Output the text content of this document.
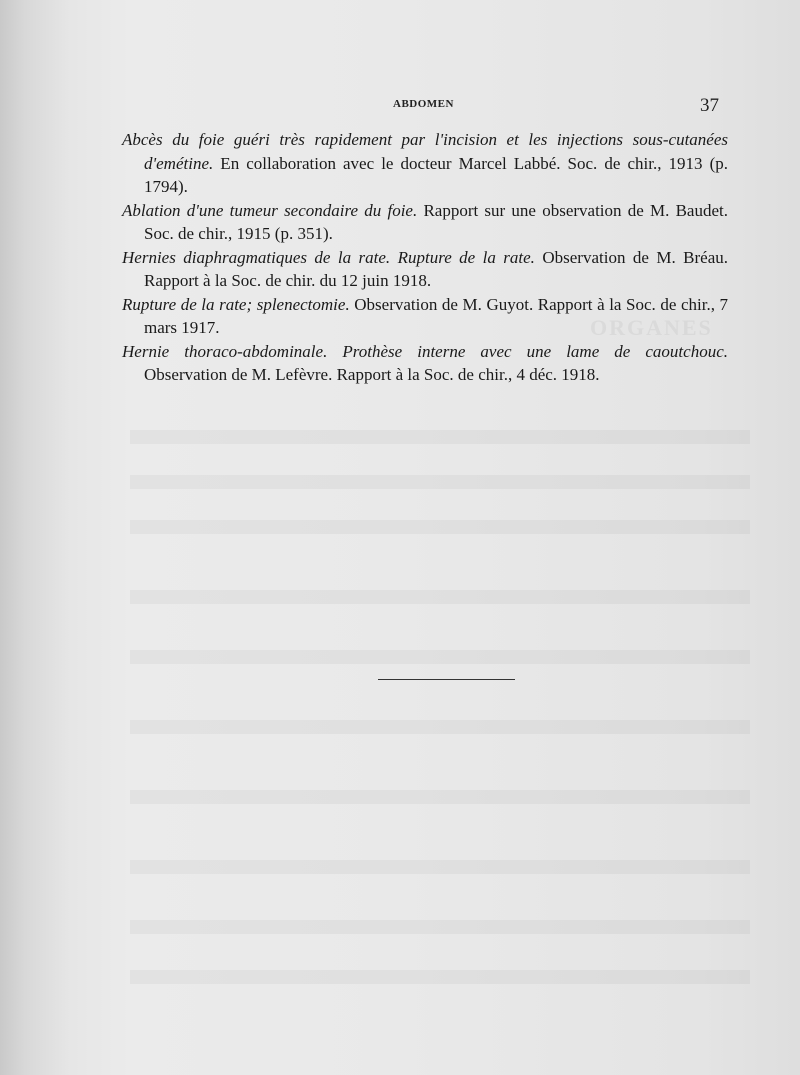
ORGANES
ABDOMEN	37

Abcès du foie guéri très rapidement par l'incision et les injections sous-cutanées d'emétine. En collaboration avec le docteur Marcel Labbé. Soc. de chir., 1913 (p. 1794).

Ablation d'une tumeur secondaire du foie. Rapport sur une observation de M. Baudet. Soc. de chir., 1915 (p. 351).

Hernies diaphragmatiques de la rate. Rupture de la rate. Observation de M. Bréau. Rapport à la Soc. de chir. du 12 juin 1918.

Rupture de la rate; splenectomie. Observation de M. Guyot. Rapport à la Soc. de chir., 7 mars 1917.

Hernie thoraco-abdominale. Prothèse interne avec une lame de caoutchouc. Observation de M. Lefèvre. Rapport à la Soc. de chir., 4 déc. 1918.
